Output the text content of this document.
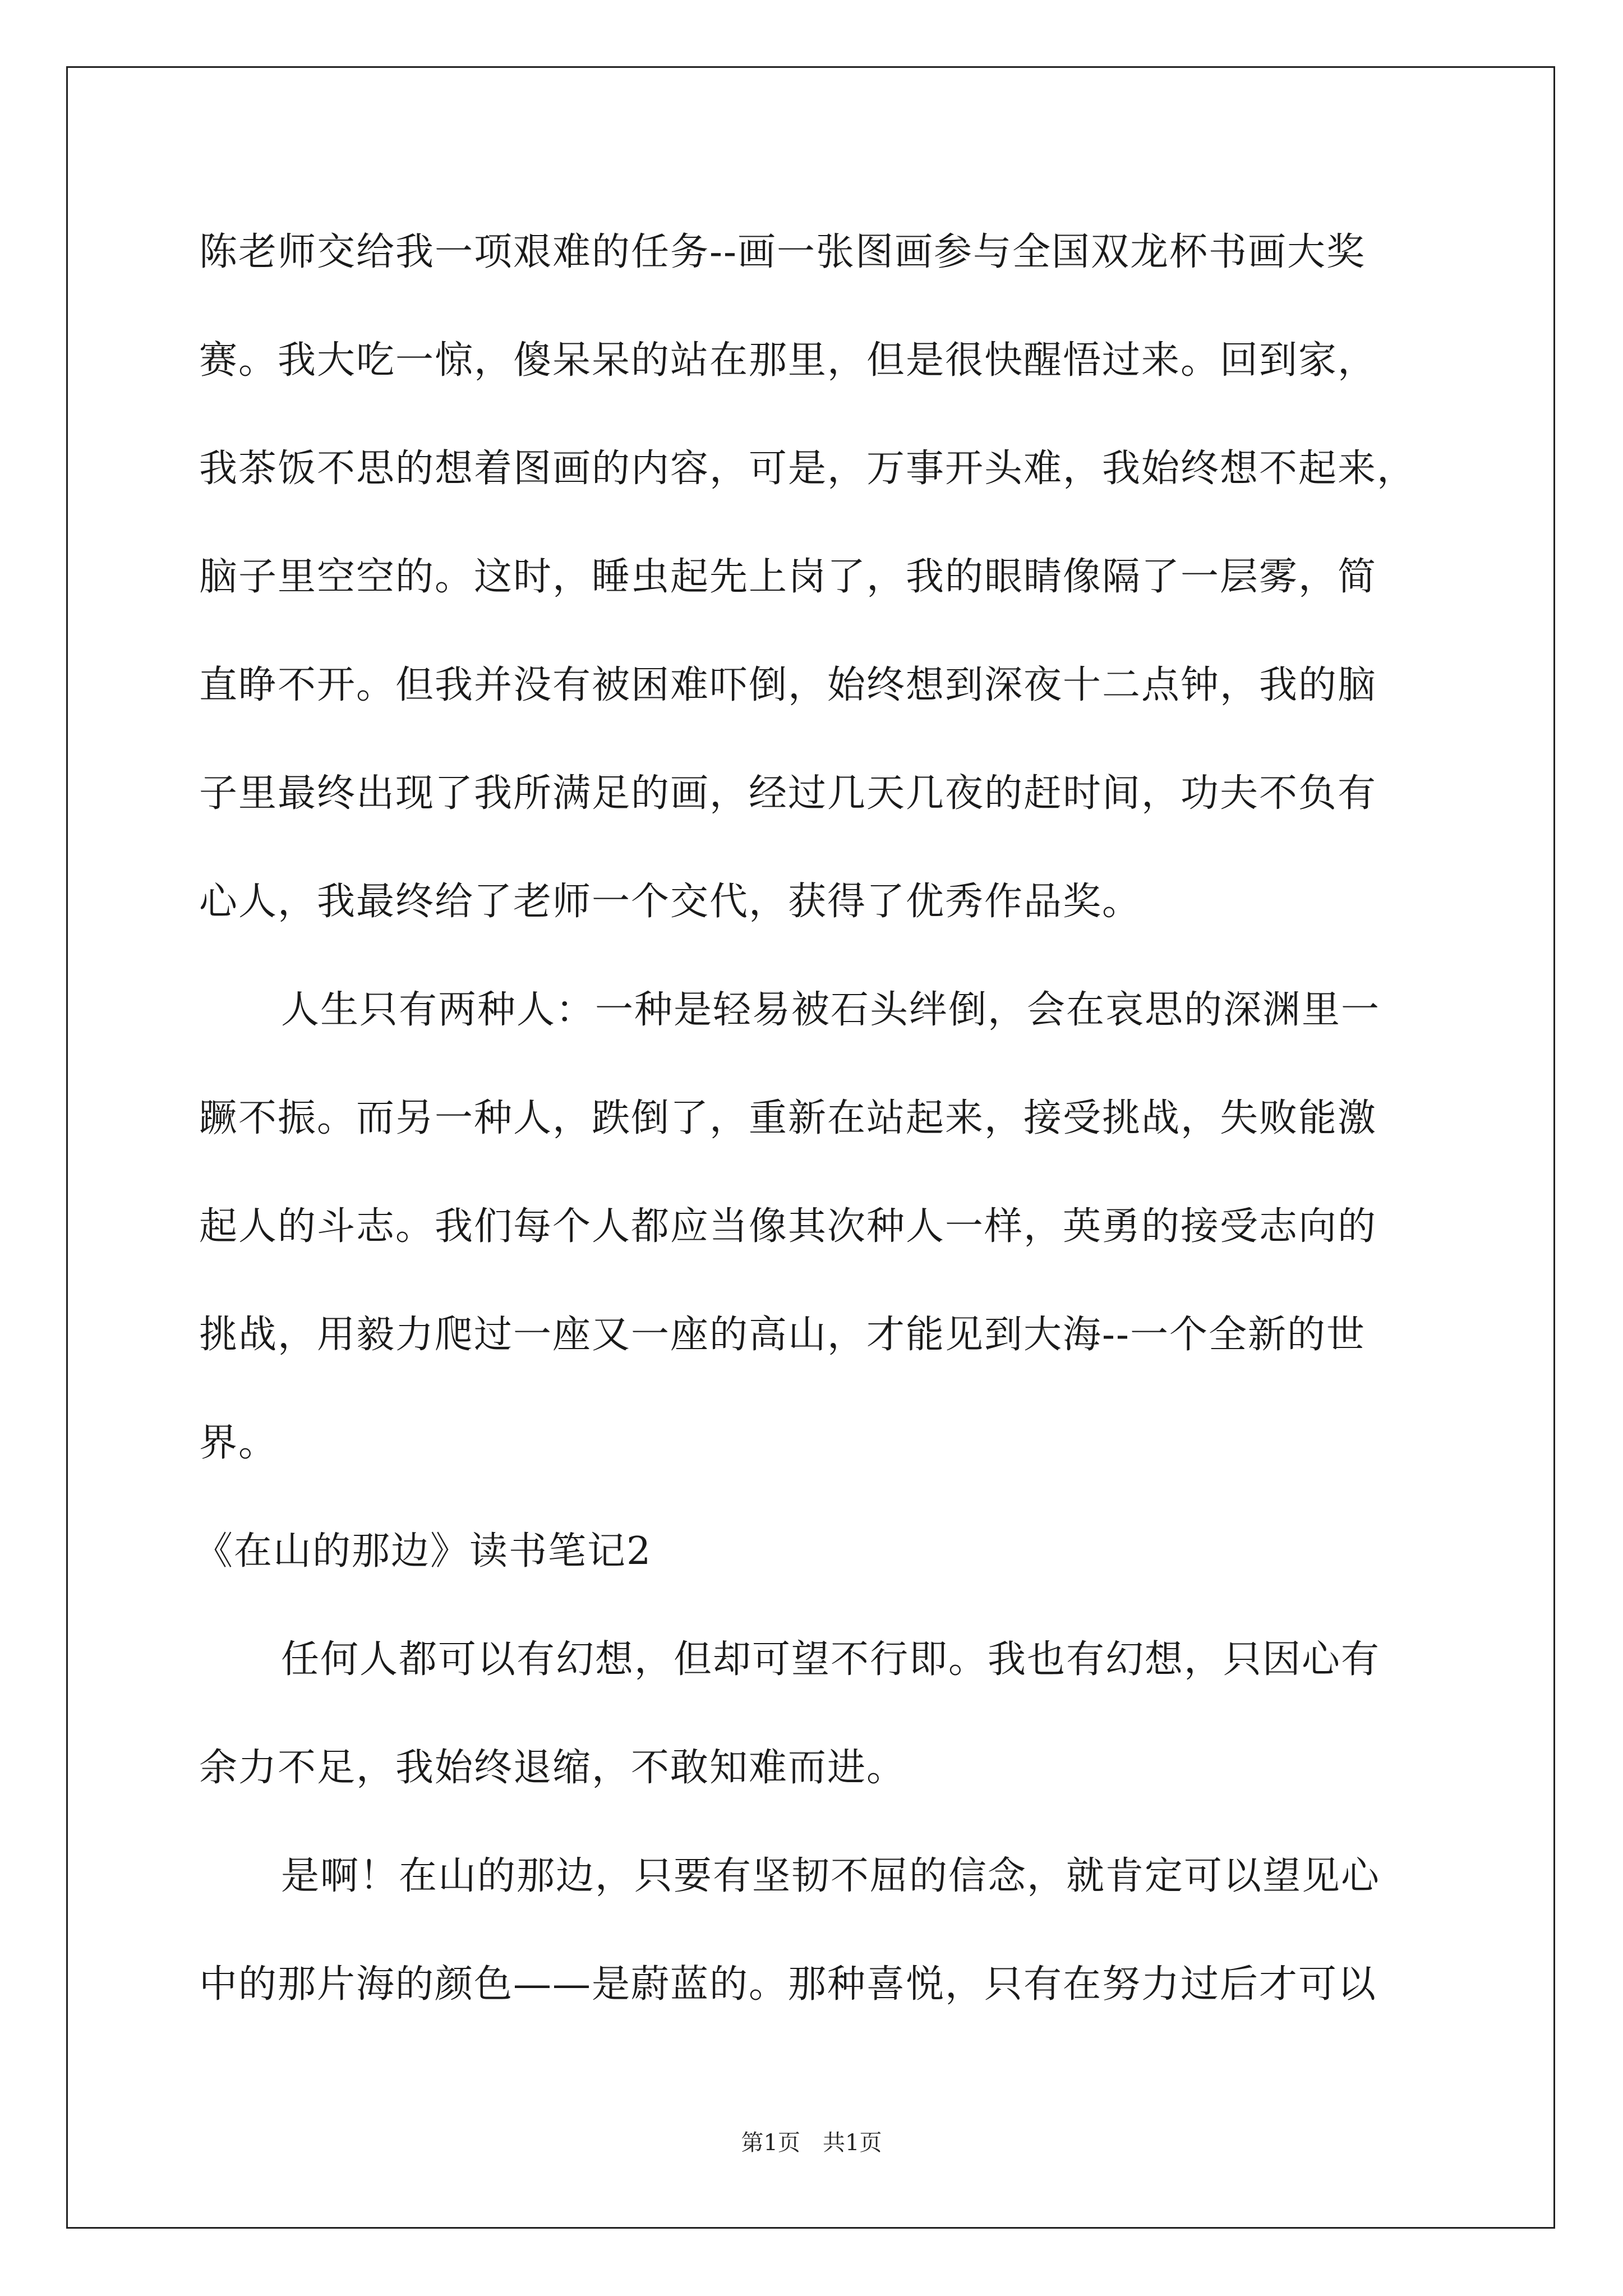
陈老师交给我一项艰难的任务--画一张图画参与全国双龙杯书画大奖
赛。我大吃一惊，傻呆呆的站在那里，但是很快醒悟过来。回到家，
我茶饭不思的想着图画的内容，可是，万事开头难，我始终想不起来，
脑子里空空的。这时，睡虫起先上岗了，我的眼睛像隔了一层雾，简
直睁不开。但我并没有被困难吓倒，始终想到深夜十二点钟，我的脑
子里最终出现了我所满足的画，经过几天几夜的赶时间，功夫不负有
心人，我最终给了老师一个交代，获得了优秀作品奖。
人生只有两种人：一种是轻易被石头绊倒，会在哀思的深渊里一
蹶不振。而另一种人，跌倒了，重新在站起来，接受挑战，失败能激
起人的斗志。我们每个人都应当像其次种人一样，英勇的接受志向的
挑战，用毅力爬过一座又一座的高山，才能见到大海--一个全新的世
界。
《在山的那边》读书笔记2
任何人都可以有幻想，但却可望不行即。我也有幻想，只因心有
余力不足，我始终退缩，不敢知难而进。
是啊！在山的那边，只要有坚韧不屈的信念，就肯定可以望见心
中的那片海的颜色——是蔚蓝的。那种喜悦，只有在努力过后才可以
第1页　共1页
